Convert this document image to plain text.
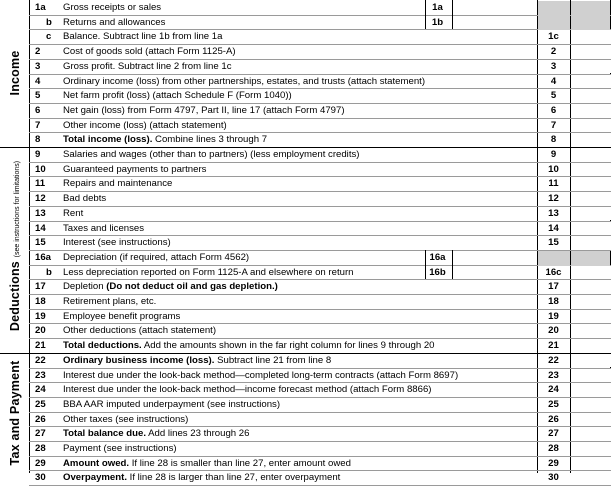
Income
Deductions (see instructions for limitations)
Tax and Payment
1a Gross receipts or sales	1a
b Returns and allowances	1b
c Balance. Subtract line 1b from line 1a	1c
2 Cost of goods sold (attach Form 1125-A)	2
3 Gross profit. Subtract line 2 from line 1c	3
4 Ordinary income (loss) from other partnerships, estates, and trusts (attach statement)	4
5 Net farm profit (loss) (attach Schedule F (Form 1040))	5
6 Net gain (loss) from Form 4797, Part II, line 17 (attach Form 4797)	6
7 Other income (loss) (attach statement)	7
8 Total income (loss). Combine lines 3 through 7	8
9 Salaries and wages (other than to partners) (less employment credits)	9
10 Guaranteed payments to partners	10
11 Repairs and maintenance	11
12 Bad debts	12
13 Rent	13
14 Taxes and licenses	14
15 Interest (see instructions)	15
16a Depreciation (if required, attach Form 4562)	16a
b Less depreciation reported on Form 1125-A and elsewhere on return	16b	16c
17 Depletion (Do not deduct oil and gas depletion.)	17
18 Retirement plans, etc.	18
19 Employee benefit programs	19
20 Other deductions (attach statement)	20
21 Total deductions. Add the amounts shown in the far right column for lines 9 through 20	21
22 Ordinary business income (loss). Subtract line 21 from line 8	22
23 Interest due under the look-back method—completed long-term contracts (attach Form 8697)	23
24 Interest due under the look-back method—income forecast method (attach Form 8866)	24
25 BBA AAR imputed underpayment (see instructions)	25
26 Other taxes (see instructions)	26
27 Total balance due. Add lines 23 through 26	27
28 Payment (see instructions)	28
29 Amount owed. If line 28 is smaller than line 27, enter amount owed	29
30 Overpayment. If line 28 is larger than line 27, enter overpayment	30
